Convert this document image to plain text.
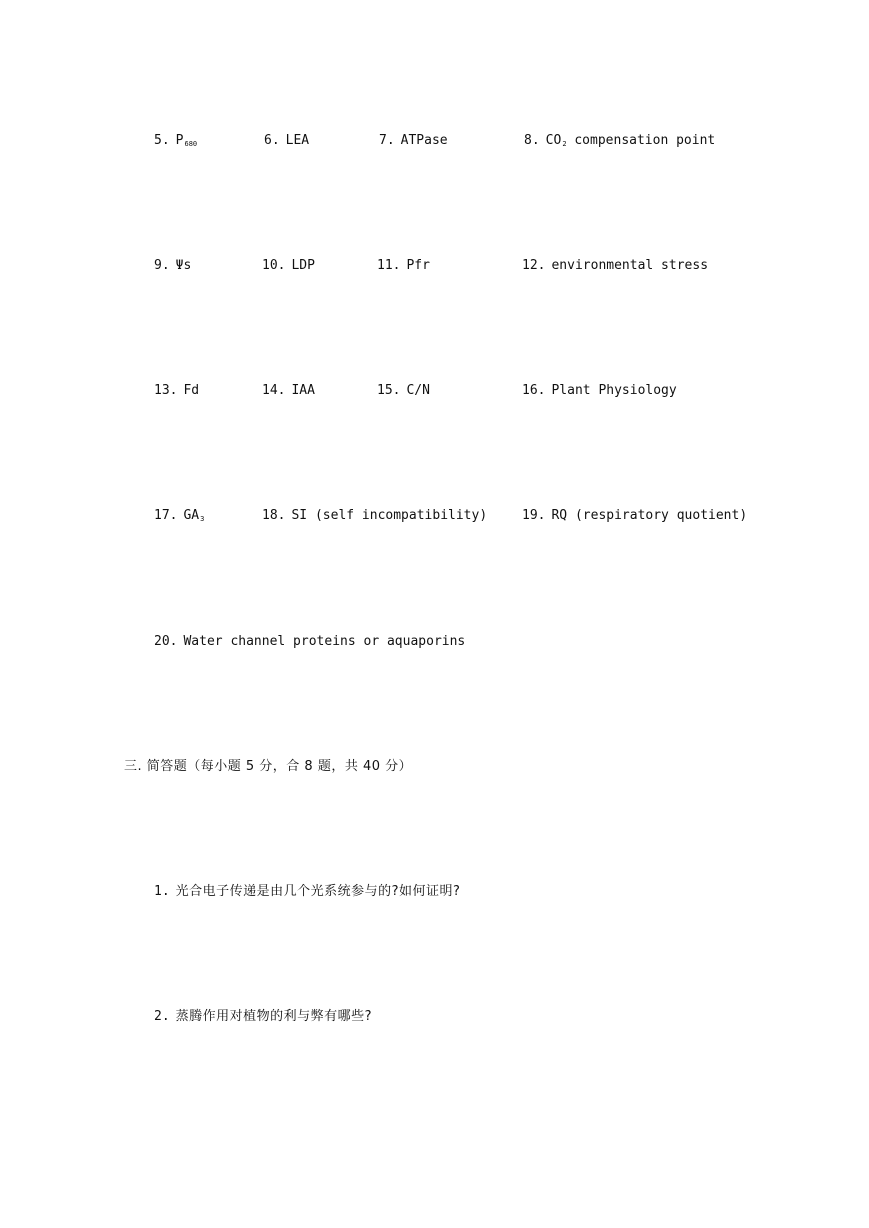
5. $P_{680}$	6. LEA	7. ATPase	8. $CO_2$ compensation point
9. Ψs	10. LDP	11. Pfr	12. environmental stress
13. Fd	14. IAA	15. C/N	16. Plant Physiology
17. $GA_3$	18. SI (self incompatibility)	19. RQ (respiratory quotient)
20. Water channel proteins or aquaporins
三. 简答题（每小题 5 分，合 8 题，共 40 分）
1. 光合电子传递是由几个光系统参与的?如何证明?
2. 蒸腾作用对植物的利与弊有哪些?
